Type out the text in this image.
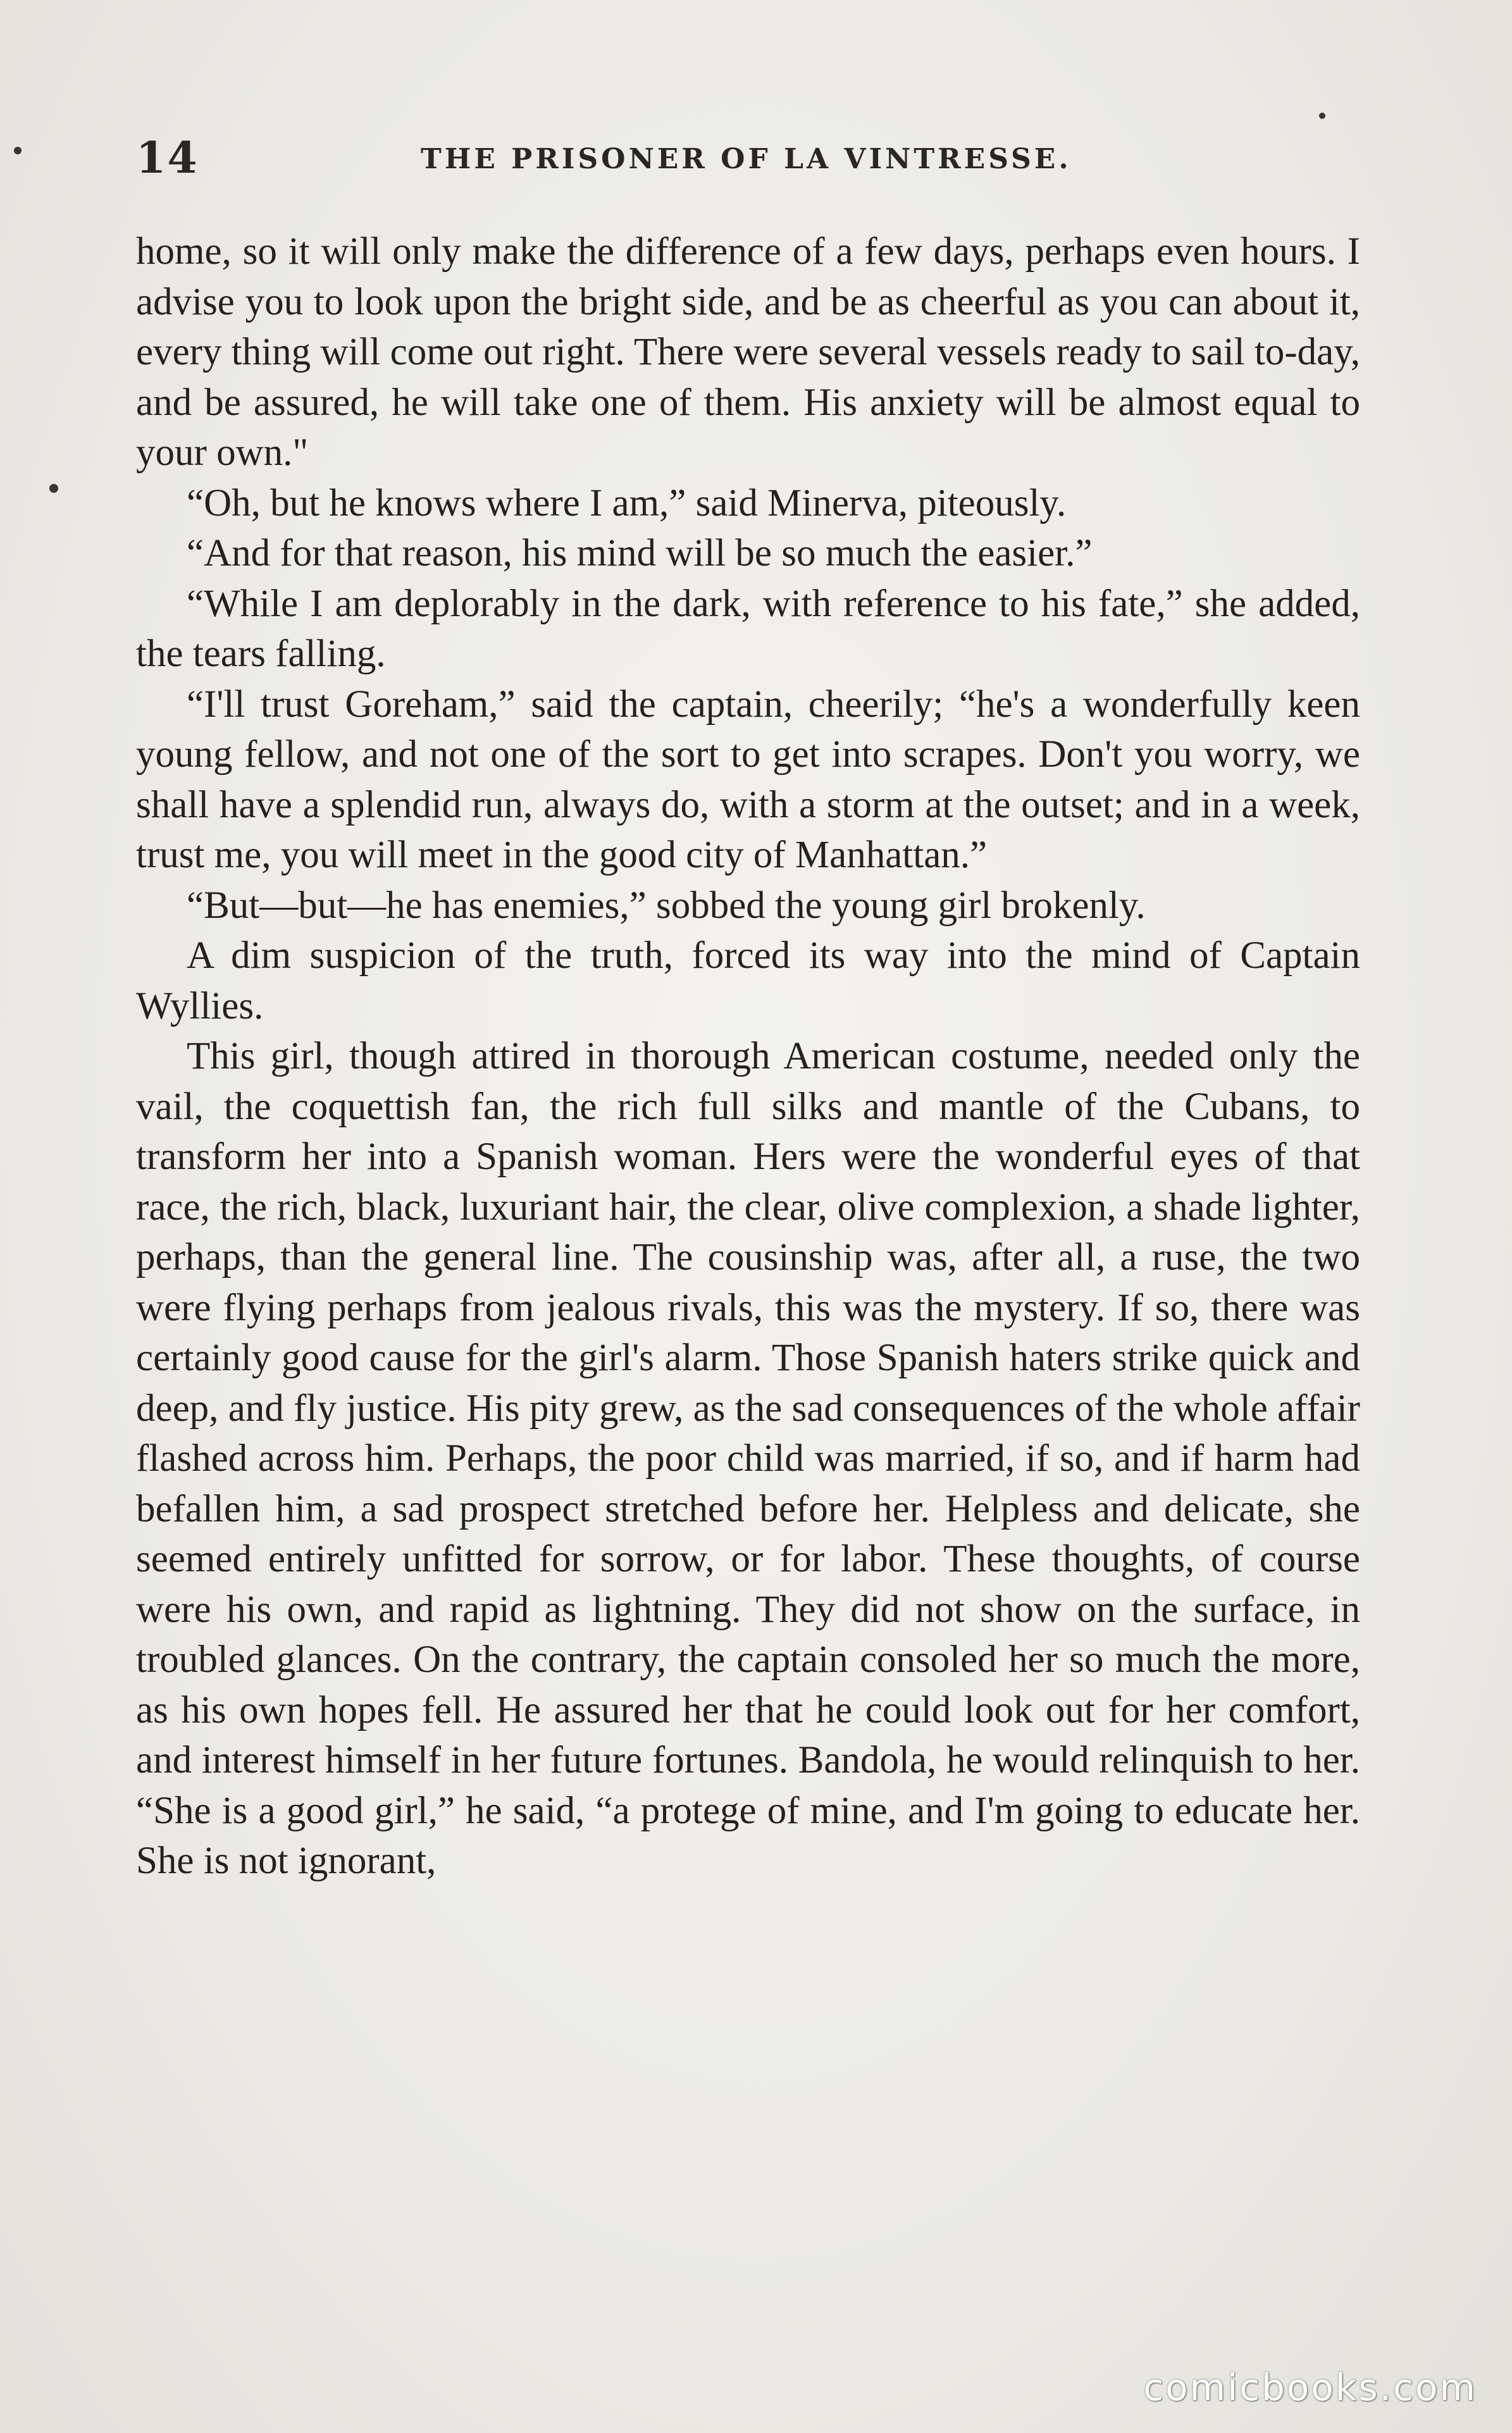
14	THE PRISONER OF LA VINTRESSE.

home, so it will only make the difference of a few days, perhaps even hours. I advise you to look upon the bright side, and be as cheerful as you can about it, every thing will come out right. There were several vessels ready to sail to-day, and be assured, he will take one of them. His anxiety will be almost equal to your own."

“Oh, but he knows where I am,” said Minerva, piteously.

“And for that reason, his mind will be so much the easier.”

“While I am deplorably in the dark, with reference to his fate,” she added, the tears falling.

“I'll trust Goreham,” said the captain, cheerily; “he's a wonderfully keen young fellow, and not one of the sort to get into scrapes. Don't you worry, we shall have a splendid run, always do, with a storm at the outset; and in a week, trust me, you will meet in the good city of Manhattan.”

“But—but—he has enemies,” sobbed the young girl brokenly.

A dim suspicion of the truth, forced its way into the mind of Captain Wyllies.

This girl, though attired in thorough American costume, needed only the vail, the coquettish fan, the rich full silks and mantle of the Cubans, to transform her into a Spanish woman. Hers were the wonderful eyes of that race, the rich, black, luxuriant hair, the clear, olive complexion, a shade lighter, perhaps, than the general line. The cousinship was, after all, a ruse, the two were flying perhaps from jealous rivals, this was the mystery. If so, there was certainly good cause for the girl's alarm. Those Spanish haters strike quick and deep, and fly justice. His pity grew, as the sad consequences of the whole affair flashed across him. Perhaps, the poor child was married, if so, and if harm had befallen him, a sad prospect stretched before her. Helpless and delicate, she seemed entirely unfitted for sorrow, or for labor. These thoughts, of course were his own, and rapid as lightning. They did not show on the surface, in troubled glances. On the contrary, the captain consoled her so much the more, as his own hopes fell. He assured her that he could look out for her comfort, and interest himself in her future fortunes. Bandola, he would relinquish to her. “She is a good girl,” he said, “a protege of mine, and I'm going to educate her. She is not ignorant,

comicbooks.com
